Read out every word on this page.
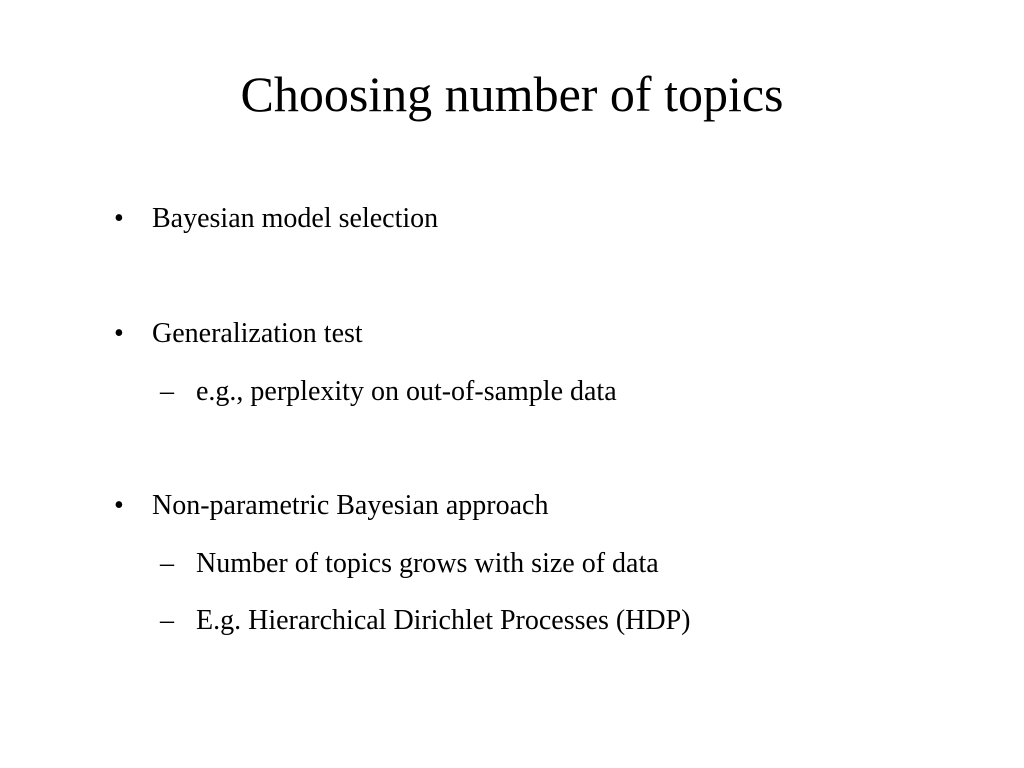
Choosing number of topics
• Bayesian model selection
• Generalization test
– e.g., perplexity on out-of-sample data
• Non-parametric Bayesian approach
– Number of topics grows with size of data
– E.g. Hierarchical Dirichlet Processes (HDP)
